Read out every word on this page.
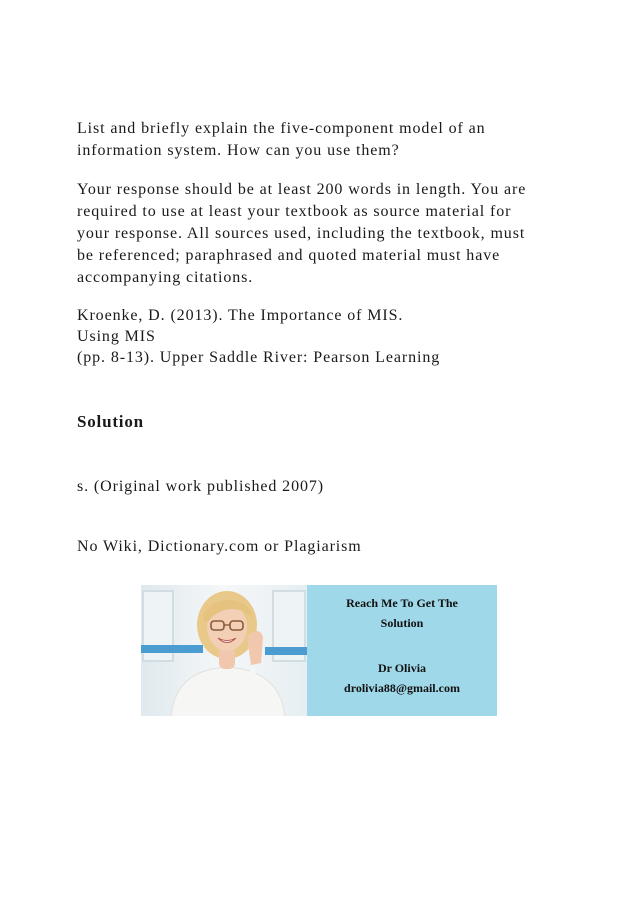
List and briefly explain the five-component model of an

information system. How can you use them?

Your response should be at least 200 words in length. You are

required to use at least your textbook as source material for

your response. All sources used, including the textbook, must

be referenced; paraphrased and quoted material must have

accompanying citations.

Kroenke, D. (2013). The Importance of MIS.

Using MIS

(pp. 8-13). Upper Saddle River: Pearson Learning

Solution

s. (Original work published 2007)

No Wiki, Dictionary.com or Plagiarism

Reach Me To Get The
Solution
Dr Olivia
drolivia88@gmail.com
